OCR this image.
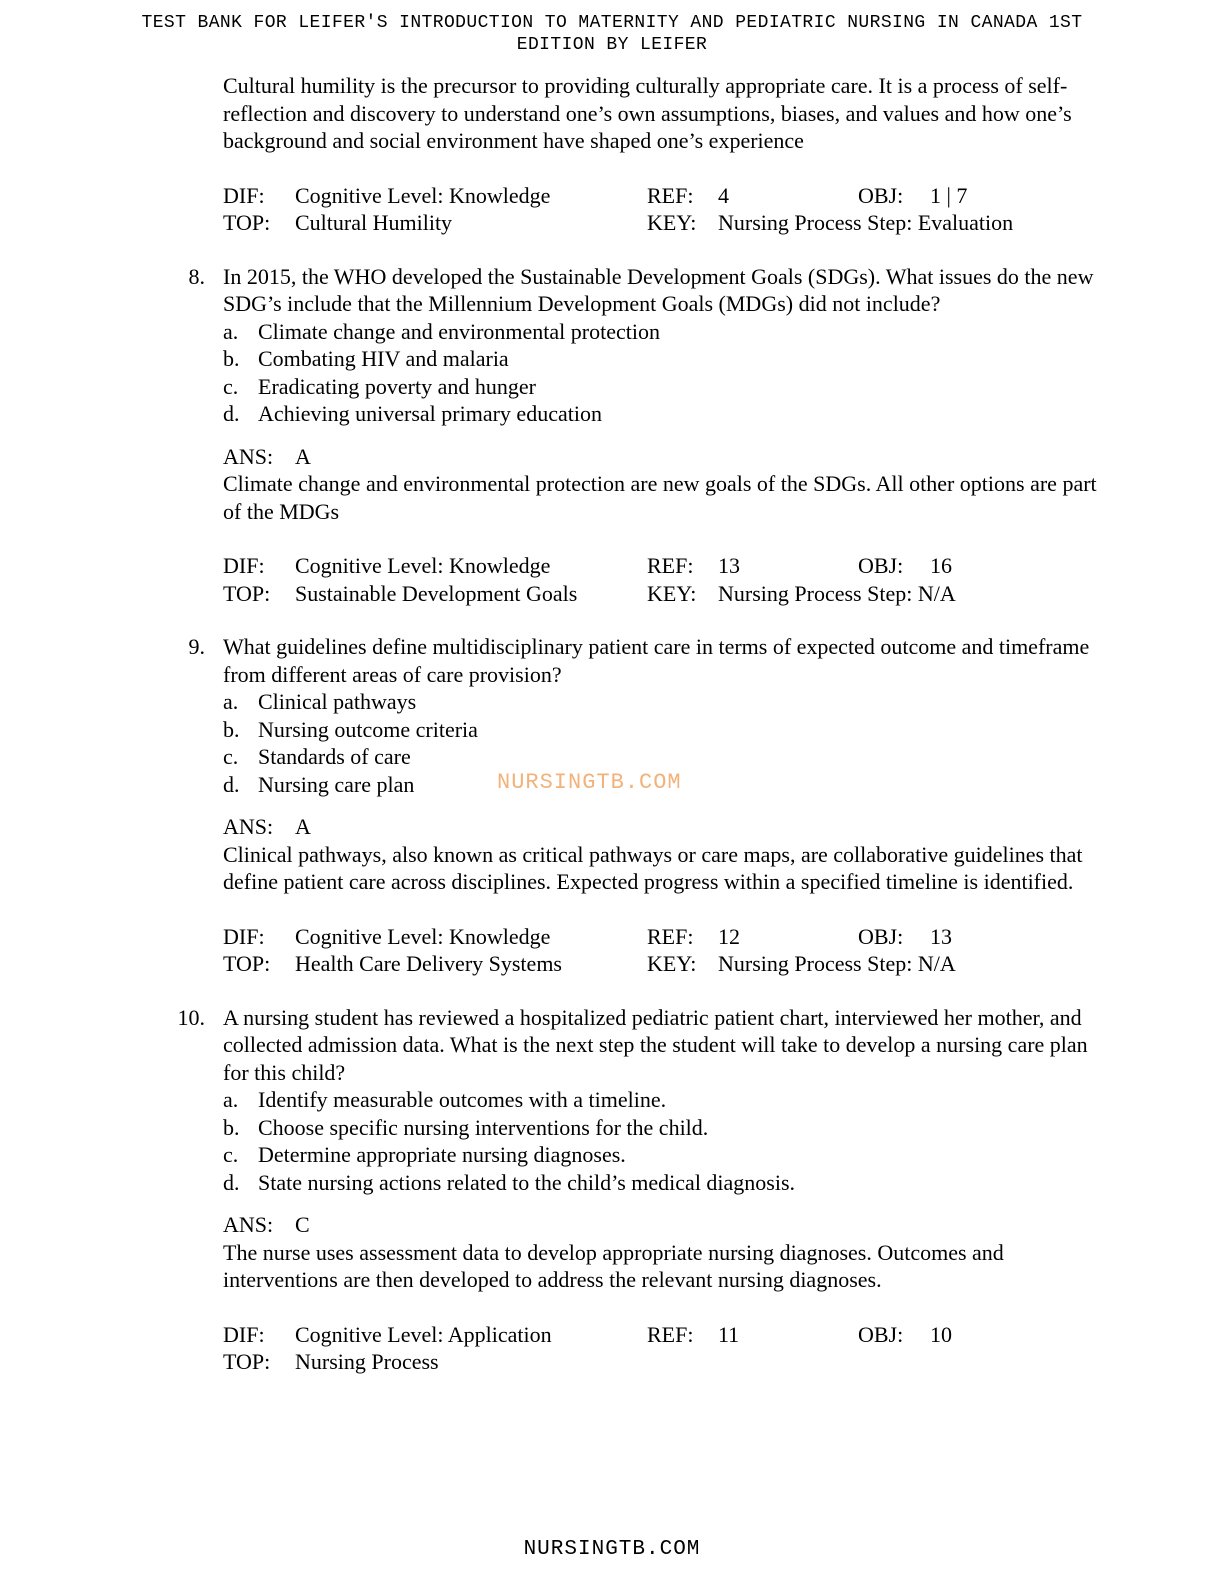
TEST BANK FOR LEIFER'S INTRODUCTION TO MATERNITY AND PEDIATRIC NURSING IN CANADA 1ST
EDITION BY LEIFER

Cultural humility is the precursor to providing culturally appropriate care. It is a process of self-reflection and discovery to understand one’s own assumptions, biases, and values and how one’s background and social environment have shaped one’s experience

DIF: Cognitive Level: Knowledge	REF: 4	OBJ: 1 | 7
TOP: Cultural Humility	KEY: Nursing Process Step: Evaluation
8. In 2015, the WHO developed the Sustainable Development Goals (SDGs). What issues do the new SDG’s include that the Millennium Development Goals (MDGs) did not include?

a. Climate change and environmental protection
b. Combating HIV and malaria
c. Eradicating poverty and hunger
d. Achieving universal primary education
ANS: A

Climate change and environmental protection are new goals of the SDGs. All other options are part of the MDGs

DIF: Cognitive Level: Knowledge	REF: 13	OBJ: 16
TOP: Sustainable Development Goals	KEY: Nursing Process Step: N/A
9. What guidelines define multidisciplinary patient care in terms of expected outcome and timeframe from different areas of care provision?

a. Clinical pathways
b. Nursing outcome criteria
c. Standards of care
d. Nursing care plan
ANS: A

Clinical pathways, also known as critical pathways or care maps, are collaborative guidelines that define patient care across disciplines. Expected progress within a specified timeline is identified.

DIF: Cognitive Level: Knowledge	REF: 12	OBJ: 13
TOP: Health Care Delivery Systems	KEY: Nursing Process Step: N/A
10. A nursing student has reviewed a hospitalized pediatric patient chart, interviewed her mother, and collected admission data. What is the next step the student will take to develop a nursing care plan for this child?

a. Identify measurable outcomes with a timeline.
b. Choose specific nursing interventions for the child.
c. Determine appropriate nursing diagnoses.
d. State nursing actions related to the child’s medical diagnosis.
ANS: C

The nurse uses assessment data to develop appropriate nursing diagnoses. Outcomes and interventions are then developed to address the relevant nursing diagnoses.

DIF: Cognitive Level: Application	REF: 11	OBJ: 10
TOP: Nursing Process
NURSINGTB.COM
NURSINGTB.COM
